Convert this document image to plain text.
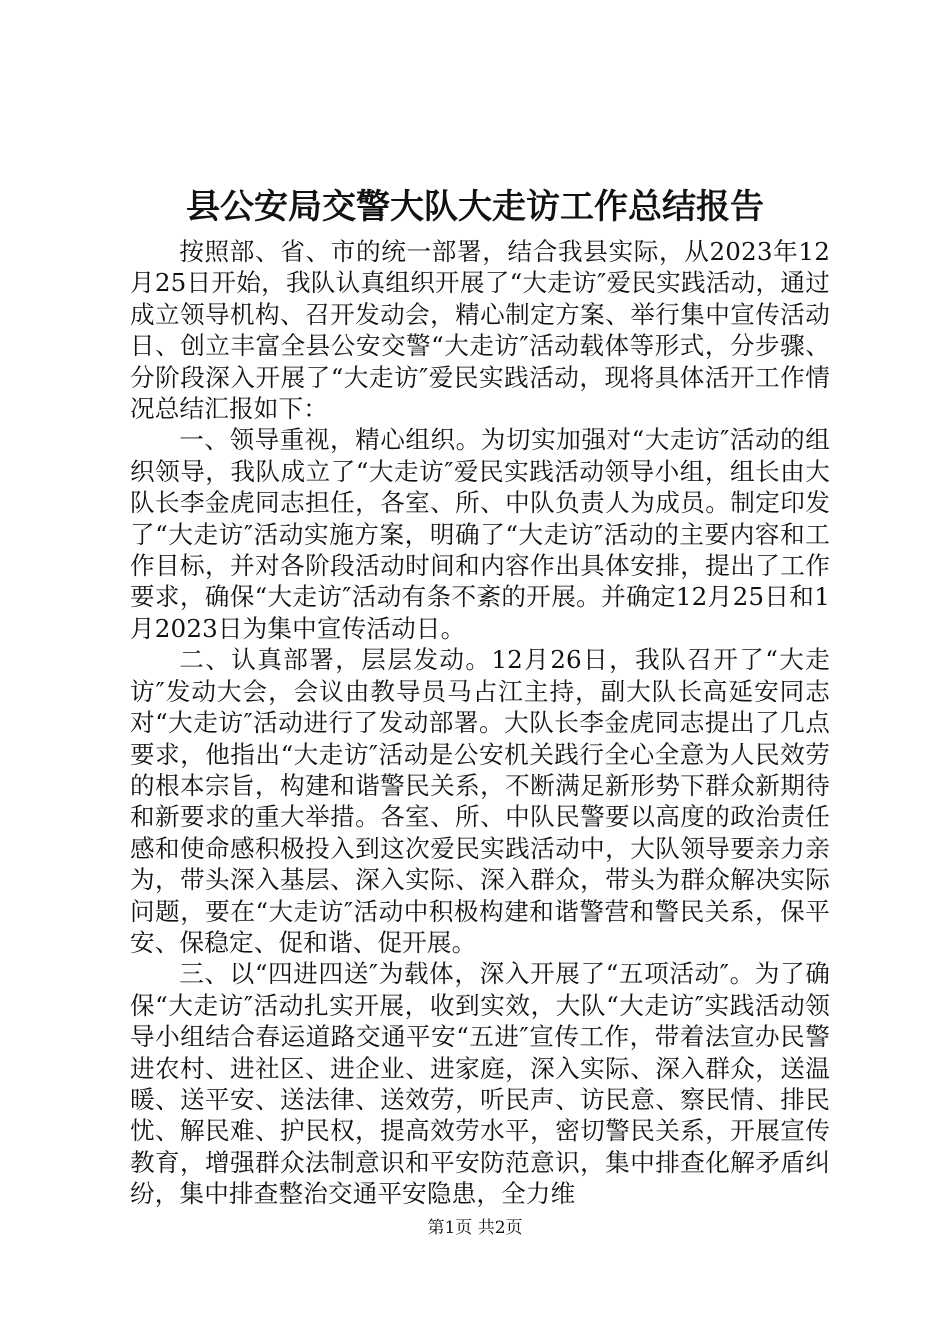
县公安局交警大队大走访工作总结报告

按照部、省、市的统一部署，结合我县实际，从2023年12月25日开始，我队认真组织开展了“大走访″爱民实践活动，通过成立领导机构、召开发动会，精心制定方案、举行集中宣传活动日、创立丰富全县公安交警“大走访″活动载体等形式，分步骤、分阶段深入开展了“大走访″爱民实践活动，现将具体活开工作情况总结汇报如下：

一、领导重视，精心组织。为切实加强对“大走访″活动的组织领导，我队成立了“大走访″爱民实践活动领导小组，组长由大队长李金虎同志担任，各室、所、中队负责人为成员。制定印发了“大走访″活动实施方案，明确了“大走访″活动的主要内容和工作目标，并对各阶段活动时间和内容作出具体安排，提出了工作要求，确保“大走访″活动有条不紊的开展。并确定12月25日和1月2023日为集中宣传活动日。

二、认真部署，层层发动。12月26日，我队召开了“大走访″发动大会，会议由教导员马占江主持，副大队长高延安同志对“大走访″活动进行了发动部署。大队长李金虎同志提出了几点要求，他指出“大走访″活动是公安机关践行全心全意为人民效劳的根本宗旨，构建和谐警民关系，不断满足新形势下群众新期待和新要求的重大举措。各室、所、中队民警要以高度的政治责任感和使命感积极投入到这次爱民实践活动中，大队领导要亲力亲为，带头深入基层、深入实际、深入群众，带头为群众解决实际问题，要在“大走访″活动中积极构建和谐警营和警民关系，保平安、保稳定、促和谐、促开展。

三、以“四进四送″为载体，深入开展了“五项活动″。为了确保“大走访″活动扎实开展，收到实效，大队“大走访″实践活动领导小组结合春运道路交通平安“五进″宣传工作，带着法宣办民警进农村、进社区、进企业、进家庭，深入实际、深入群众，送温暖、送平安、送法律、送效劳，听民声、访民意、察民情、排民忧、解民难、护民权，提高效劳水平，密切警民关系，开展宣传教育，增强群众法制意识和平安防范意识，集中排查化解矛盾纠纷，集中排查整治交通平安隐患，全力维

第1页 共2页
